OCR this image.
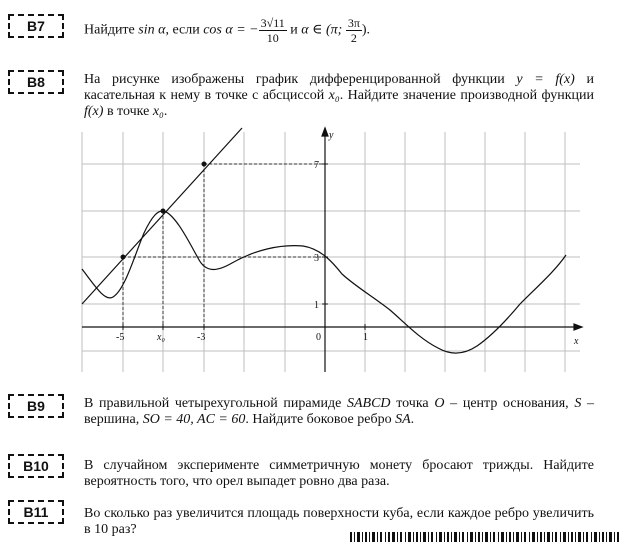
B7	Найдите sin α, если cos α = − $\frac{3√11}{10}$ и α ∈ (π; $\frac{3\pi}{2}$ ).
B8	На рисунке изображены график дифференцированной функции y = f(x) и касательная к нему в точке с абсциссой x₀. Найдите значение производной функции f(x) в точке x₀.
-5	x₀	-3	0	1	x
y
7
3
1
B9	В правильной четырехугольной пирамиде SABCD точка O – центр основания, S – вершина, SO = 40, AC = 60. Найдите боковое ребро SA.
B10	В случайном эксперименте симметричную монету бросают трижды. Найдите вероятность того, что орел выпадет ровно два раза.
B11	Во сколько раз увеличится площадь поверхности куба, если каждое ребро увеличить в 10 раз?
